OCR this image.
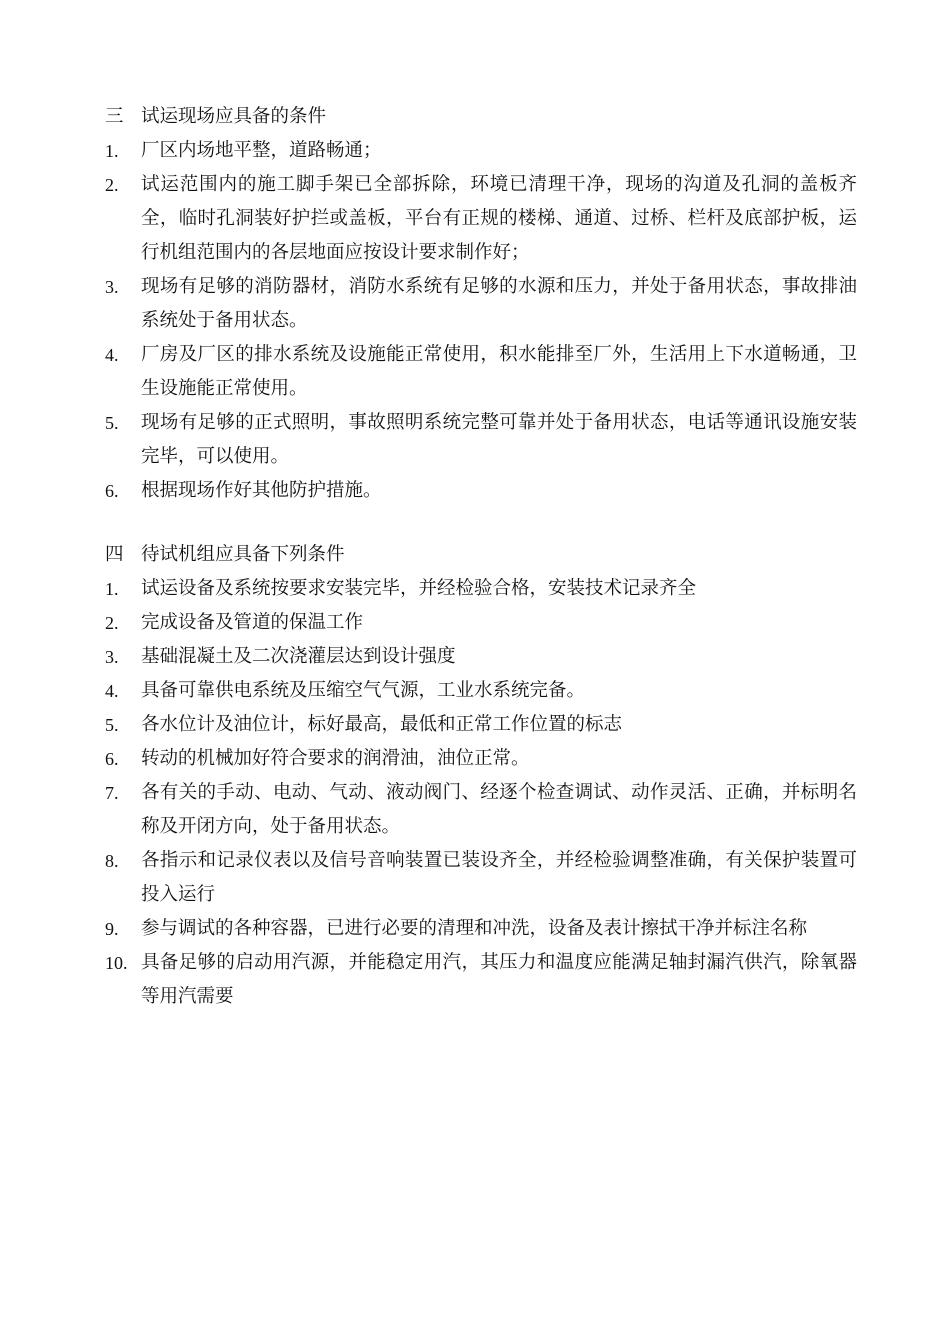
三 试运现场应具备的条件
1. 厂区内场地平整，道路畅通；
2. 试运范围内的施工脚手架已全部拆除，环境已清理干净，现场的沟道及孔洞的盖板齐全，临时孔洞装好护拦或盖板，平台有正规的楼梯、通道、过桥、栏杆及底部护板，运行机组范围内的各层地面应按设计要求制作好；
3. 现场有足够的消防器材，消防水系统有足够的水源和压力，并处于备用状态，事故排油系统处于备用状态。
4. 厂房及厂区的排水系统及设施能正常使用，积水能排至厂外，生活用上下水道畅通，卫生设施能正常使用。
5. 现场有足够的正式照明，事故照明系统完整可靠并处于备用状态，电话等通讯设施安装完毕，可以使用。
6. 根据现场作好其他防护措施。
四 待试机组应具备下列条件
1. 试运设备及系统按要求安装完毕，并经检验合格，安装技术记录齐全
2. 完成设备及管道的保温工作
3. 基础混凝土及二次浇灌层达到设计强度
4. 具备可靠供电系统及压缩空气气源，工业水系统完备。
5. 各水位计及油位计，标好最高，最低和正常工作位置的标志
6. 转动的机械加好符合要求的润滑油，油位正常。
7. 各有关的手动、电动、气动、液动阀门、经逐个检查调试、动作灵活、正确，并标明名称及开闭方向，处于备用状态。
8. 各指示和记录仪表以及信号音响装置已装设齐全，并经检验调整准确，有关保护装置可投入运行
9. 参与调试的各种容器，已进行必要的清理和冲洗，设备及表计擦拭干净并标注名称
10. 具备足够的启动用汽源，并能稳定用汽，其压力和温度应能满足轴封漏汽供汽，除氧器等用汽需要
